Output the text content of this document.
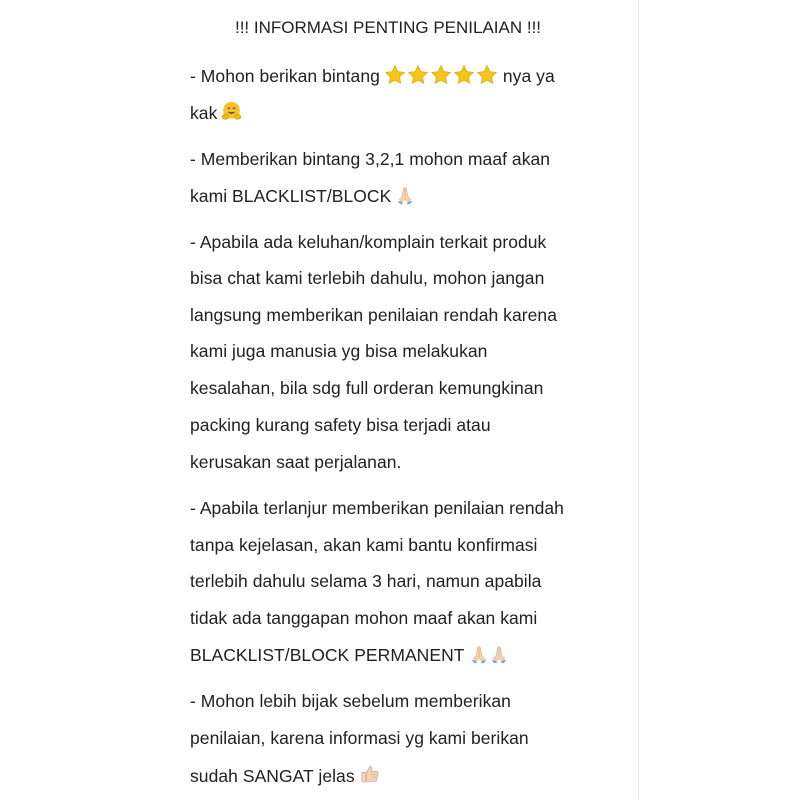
!!! INFORMASI PENTING PENILAIAN !!!
- Mohon berikan bintang	nya ya
kak
- Memberikan bintang 3,2,1 mohon maaf akan
kami BLACKLIST/BLOCK
- Apabila ada keluhan/komplain terkait produk
bisa chat kami terlebih dahulu, mohon jangan
langsung memberikan penilaian rendah karena
kami juga manusia yg bisa melakukan
kesalahan, bila sdg full orderan kemungkinan
packing kurang safety bisa terjadi atau
kerusakan saat perjalanan.
- Apabila terlanjur memberikan penilaian rendah
tanpa kejelasan, akan kami bantu konfirmasi
terlebih dahulu selama 3 hari, namun apabila
tidak ada tanggapan mohon maaf akan kami
BLACKLIST/BLOCK PERMANENT
- Mohon lebih bijak sebelum memberikan
penilaian, karena informasi yg kami berikan
sudah SANGAT jelas
